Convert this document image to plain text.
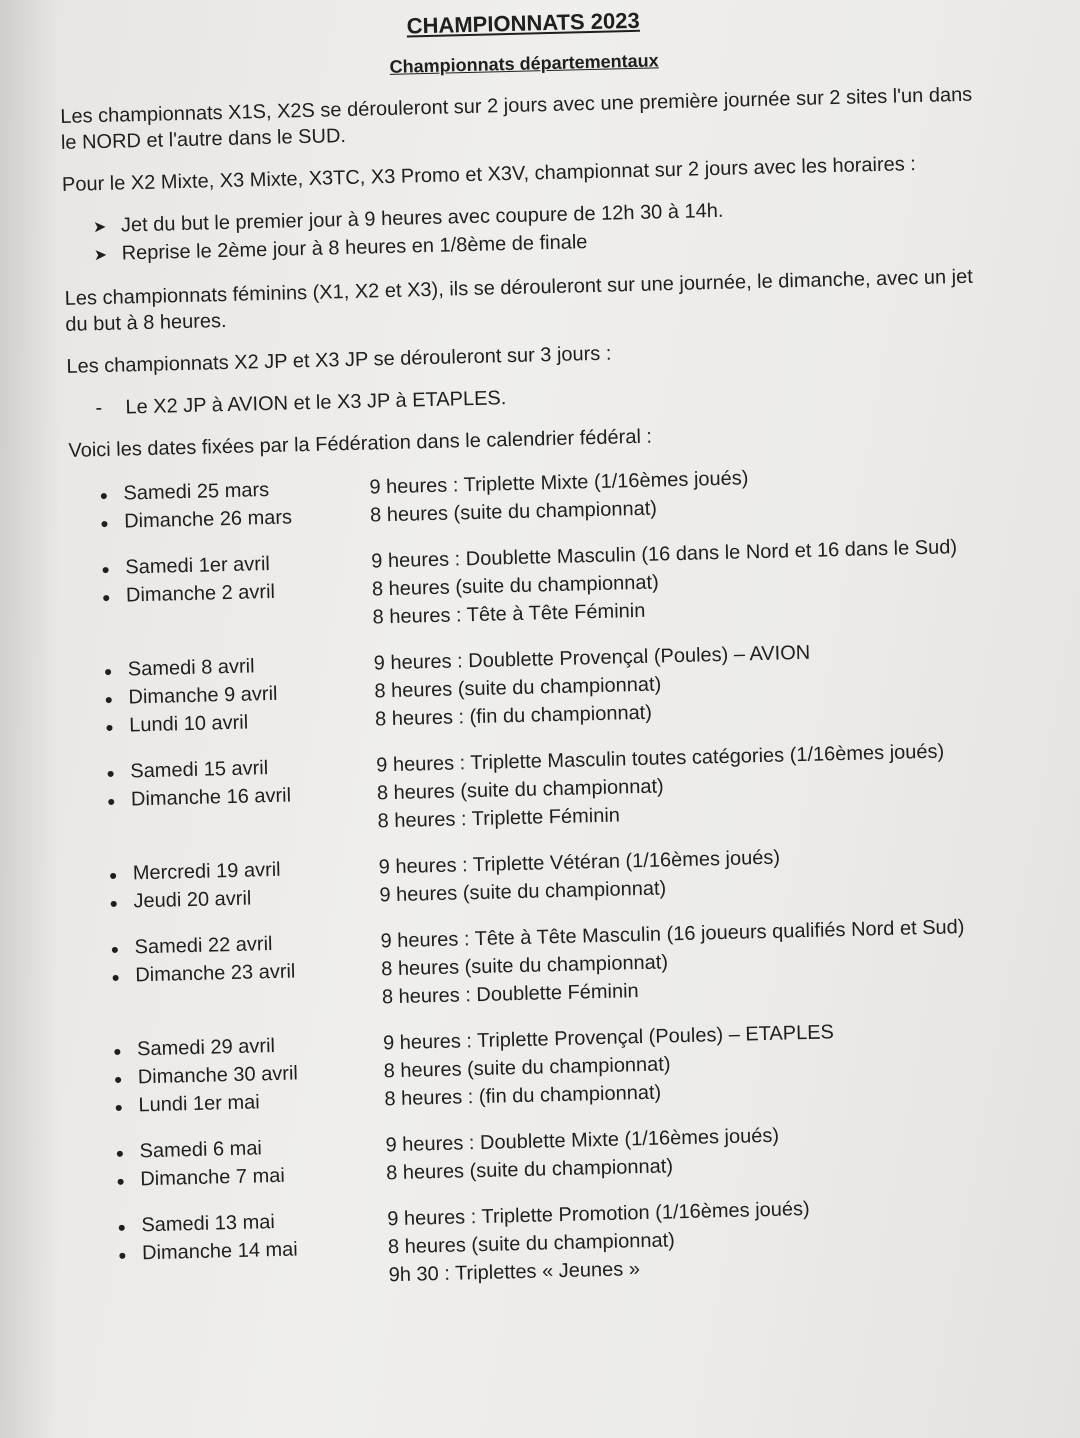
CHAMPIONNATS 2023
Championnats départementaux
Les championnats X1S, X2S se dérouleront sur 2 jours avec une première journée sur 2 sites l'un dans le NORD et l'autre dans le SUD.
Pour le X2 Mixte, X3 Mixte, X3TC, X3 Promo et X3V, championnat sur 2 jours avec les horaires :
➤ Jet du but le premier jour à 9 heures avec coupure de 12h 30 à 14h.
➤ Reprise le 2ème jour à 8 heures en 1/8ème de finale
Les championnats féminins (X1, X2 et X3), ils se dérouleront sur une journée, le dimanche, avec un jet du but à 8 heures.
Les championnats X2 JP et X3 JP se dérouleront sur 3 jours :
-	Le X2 JP à AVION et le X3 JP à ETAPLES.
Voici les dates fixées par la Fédération dans le calendrier fédéral :
● Samedi 25 mars
● Dimanche 26 mars
9 heures : Triplette Mixte (1/16èmes joués)
8 heures (suite du championnat)
● Samedi 1er avril
● Dimanche 2 avril
9 heures : Doublette Masculin (16 dans le Nord et 16 dans le Sud)
8 heures (suite du championnat)
8 heures : Tête à Tête Féminin
● Samedi 8 avril
● Dimanche 9 avril
● Lundi 10 avril
9 heures : Doublette Provençal (Poules) – AVION
8 heures (suite du championnat)
8 heures : (fin du championnat)
● Samedi 15 avril
● Dimanche 16 avril
9 heures : Triplette Masculin toutes catégories (1/16èmes joués)
8 heures (suite du championnat)
8 heures : Triplette Féminin
● Mercredi 19 avril
● Jeudi 20 avril
9 heures : Triplette Vétéran (1/16èmes joués)
9 heures (suite du championnat)
● Samedi 22 avril
● Dimanche 23 avril
9 heures : Tête à Tête Masculin (16 joueurs qualifiés Nord et Sud)
8 heures (suite du championnat)
8 heures : Doublette Féminin
● Samedi 29 avril
● Dimanche 30 avril
● Lundi 1er mai
9 heures : Triplette Provençal (Poules) – ETAPLES
8 heures (suite du championnat)
8 heures : (fin du championnat)
● Samedi 6 mai
● Dimanche 7 mai
9 heures : Doublette Mixte (1/16èmes joués)
8 heures (suite du championnat)
● Samedi 13 mai
● Dimanche 14 mai
9 heures : Triplette Promotion (1/16èmes joués)
8 heures (suite du championnat)
9h 30 : Triplettes « Jeunes »
